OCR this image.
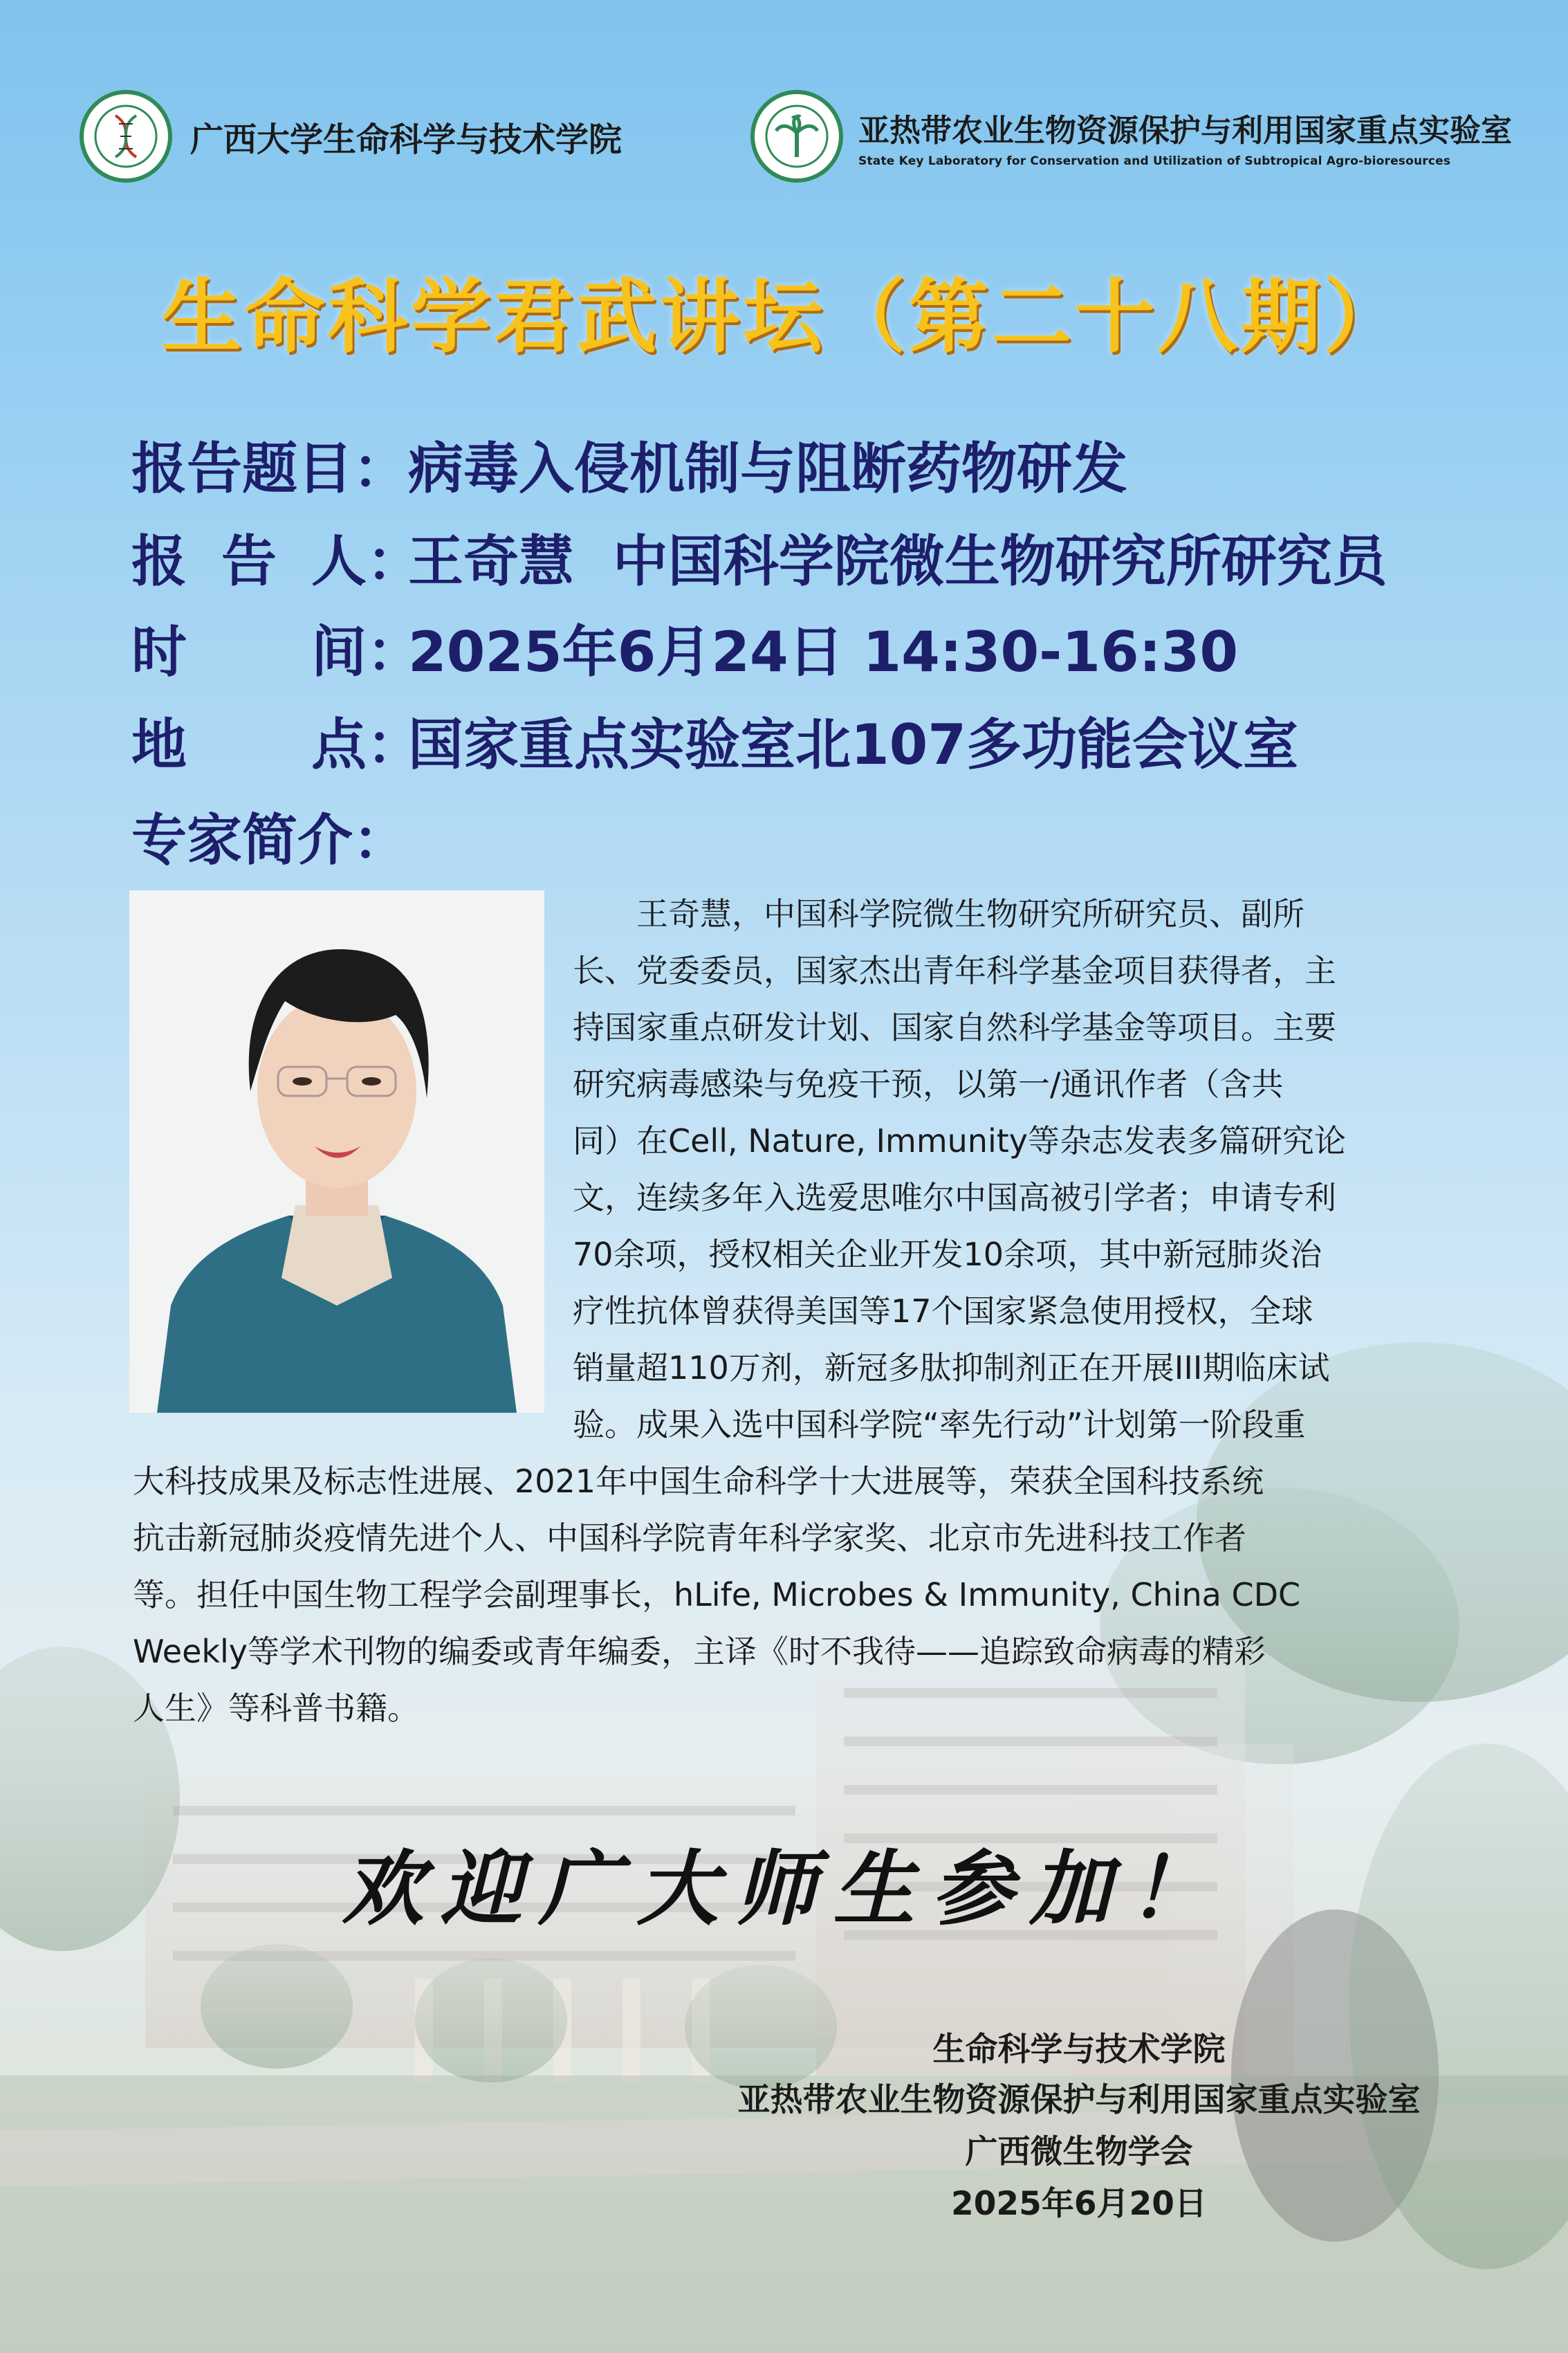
广西大学生命科学与技术学院	亚热带农业生物资源保护与利用国家重点实验室
State Key Laboratory for Conservation and Utilization of Subtropical Agro-bioresources
生命科学君武讲坛（第二十八期）
报告题目： 病毒入侵机制与阻断药物研发
报 告 人 ：
王奇慧  中国科学院微生物研究所研究员
时 间 ：
2025年6月24日 14:30-16:30
地 点 ：
国家重点实验室北107多功能会议室
专家简介：
　　王奇慧，中国科学院微生物研究所研究员、副所
长、党委委员，国家杰出青年科学基金项目获得者，主
持国家重点研发计划、国家自然科学基金等项目。主要
研究病毒感染与免疫干预，以第一/通讯作者（含共
同）在Cell, Nature, Immunity等杂志发表多篇研究论
文，连续多年入选爱思唯尔中国高被引学者；申请专利
70余项，授权相关企业开发10余项，其中新冠肺炎治
疗性抗体曾获得美国等17个国家紧急使用授权，全球
销量超110万剂，新冠多肽抑制剂正在开展III期临床试
验。成果入选中国科学院“率先行动”计划第一阶段重
大科技成果及标志性进展、2021年中国生命科学十大进展等，荣获全国科技系统
抗击新冠肺炎疫情先进个人、中国科学院青年科学家奖、北京市先进科技工作者
等。担任中国生物工程学会副理事长，hLife, Microbes & Immunity, China CDC
Weekly等学术刊物的编委或青年编委，主译《时不我待——追踪致命病毒的精彩
人生》等科普书籍。
欢迎广大师生参加！
生命科学与技术学院
亚热带农业生物资源保护与利用国家重点实验室
广西微生物学会
2025年6月20日
